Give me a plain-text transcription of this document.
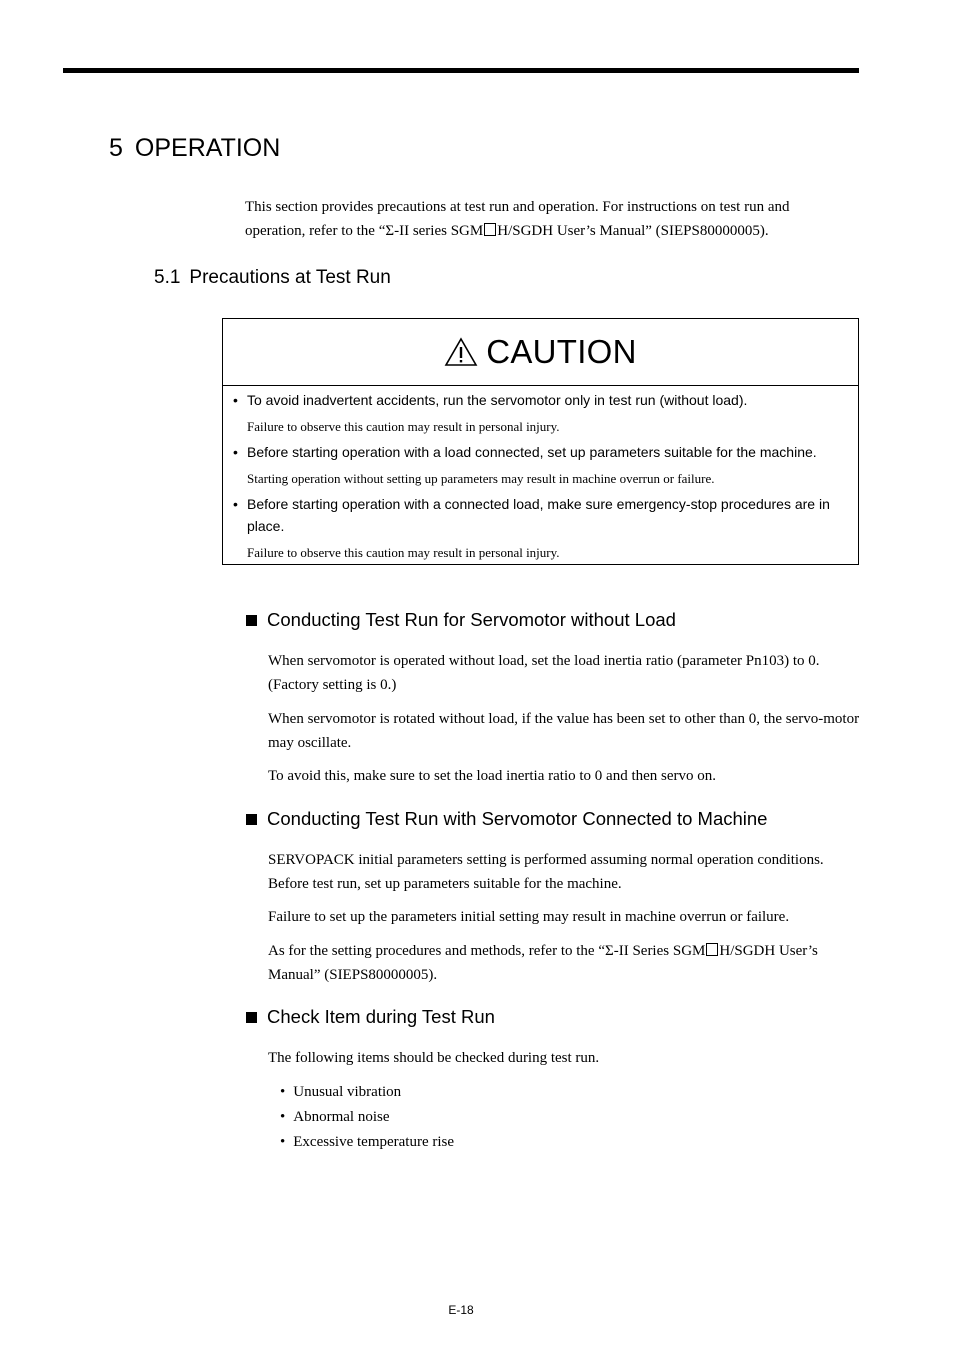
5 OPERATION
This section provides precautions at test run and operation. For instructions on test run and
operation, refer to the “Σ-II series SGM H/SGDH User’s Manual” (SIEPS80000005).
5.1 Precautions at Test Run
CAUTION
• To avoid inadvertent accidents, run the servomotor only in test run (without load).
Failure to observe this caution may result in personal injury.
• Before starting operation with a load connected, set up parameters suitable for the machine.
Starting operation without setting up parameters may result in machine overrun or failure.
• Before starting operation with a connected load, make sure emergency-stop procedures are in place.
Failure to observe this caution may result in personal injury.
Conducting Test Run for Servomotor without Load
When servomotor is operated without load, set the load inertia ratio (parameter Pn103) to 0. (Factory setting is 0.)
When servomotor is rotated without load, if the value has been set to other than 0, the servo-motor may oscillate.
To avoid this, make sure to set the load inertia ratio to 0 and then servo on.
Conducting Test Run with Servomotor Connected to Machine
SERVOPACK initial parameters setting is performed assuming normal operation conditions. Before test run, set up parameters suitable for the machine.
Failure to set up the parameters initial setting may result in machine overrun or failure.
As for the setting procedures and methods, refer to the “Σ-II Series SGM H/SGDH User’s Manual” (SIEPS80000005).
Check Item during Test Run
The following items should be checked during test run.
• Unusual vibration
• Abnormal noise
• Excessive temperature rise
E-18
